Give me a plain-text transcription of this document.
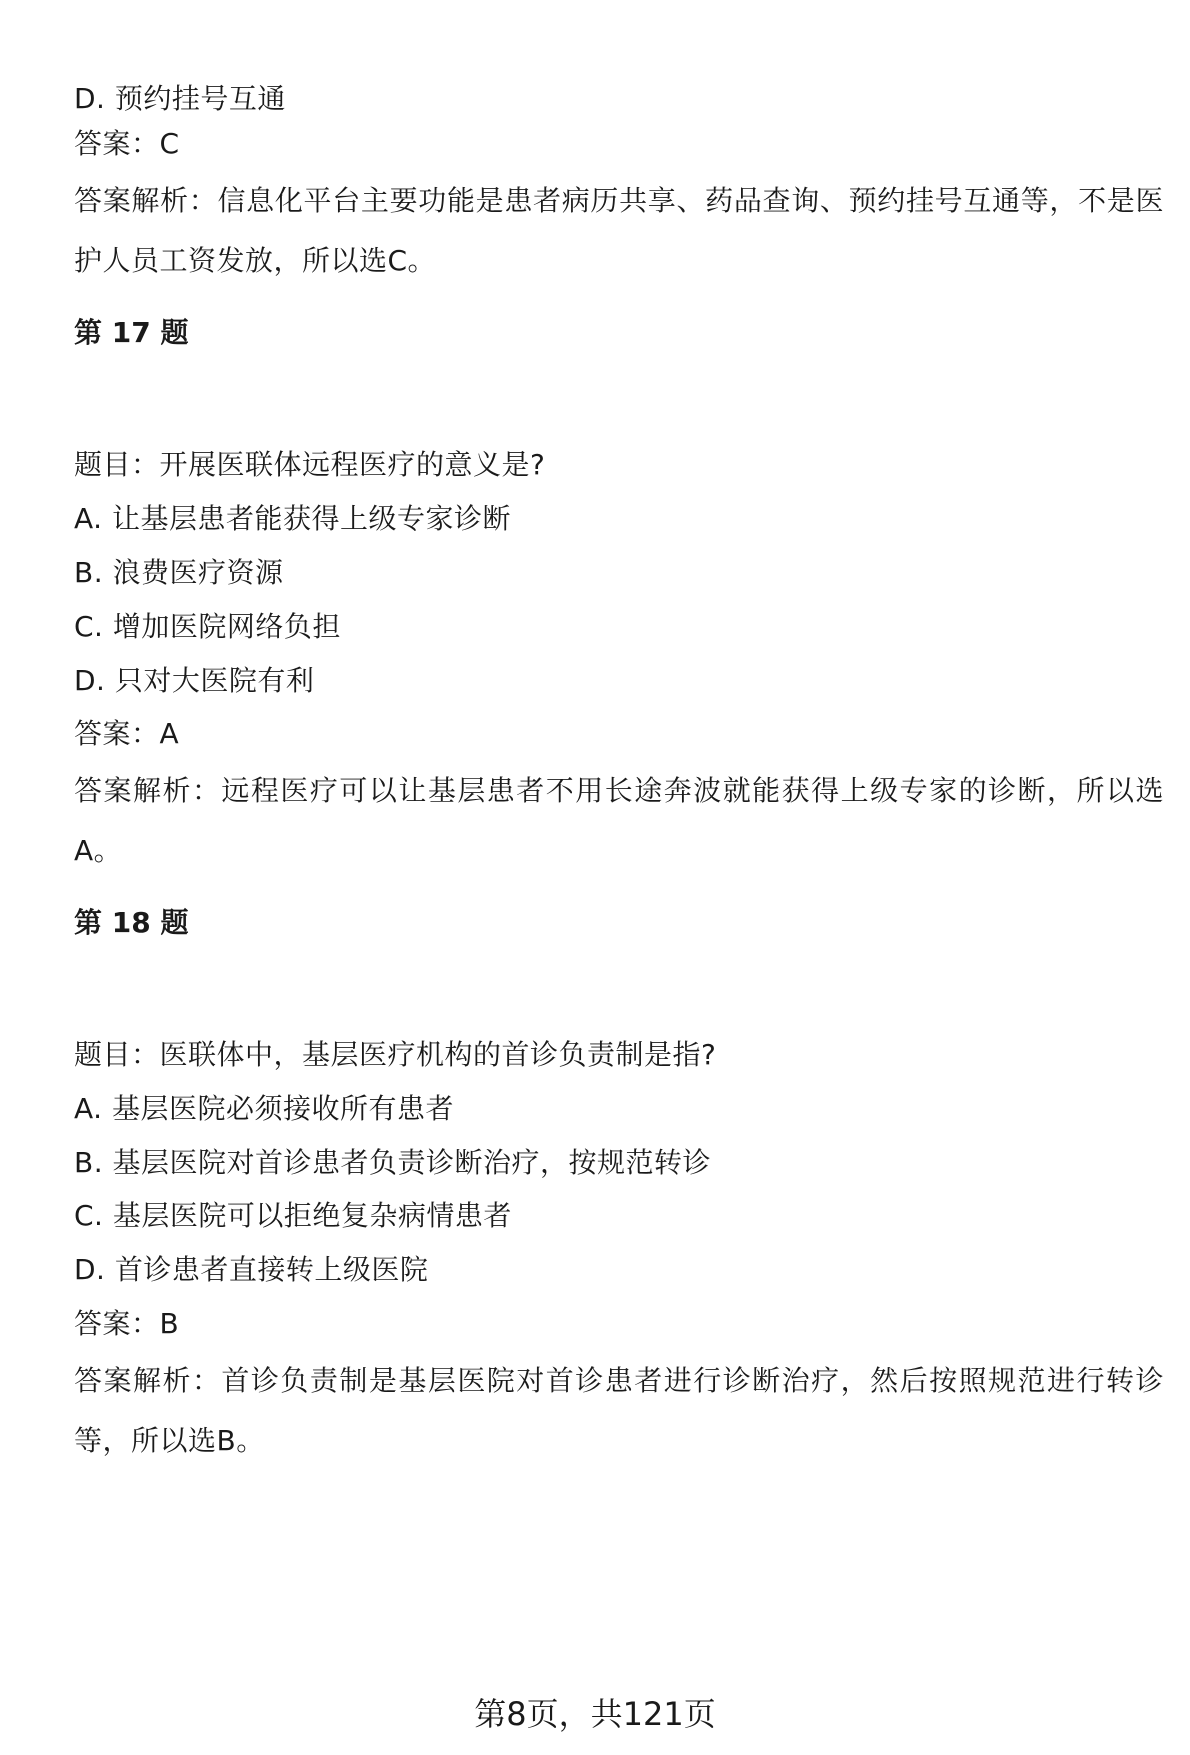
D. 预约挂号互通
答案：C
答案解析：信息化平台主要功能是患者病历共享、药品查询、预约挂号互通等，不是医护人员工资发放，所以选C。
第 17 题
题目：开展医联体远程医疗的意义是?
A. 让基层患者能获得上级专家诊断
B. 浪费医疗资源
C. 增加医院网络负担
D. 只对大医院有利
答案：A
答案解析：远程医疗可以让基层患者不用长途奔波就能获得上级专家的诊断，所以选A。
第 18 题
题目：医联体中，基层医疗机构的首诊负责制是指?
A. 基层医院必须接收所有患者
B. 基层医院对首诊患者负责诊断治疗，按规范转诊
C. 基层医院可以拒绝复杂病情患者
D. 首诊患者直接转上级医院
答案：B
答案解析：首诊负责制是基层医院对首诊患者进行诊断治疗，然后按照规范进行转诊等，所以选B。
第8页，共121页
